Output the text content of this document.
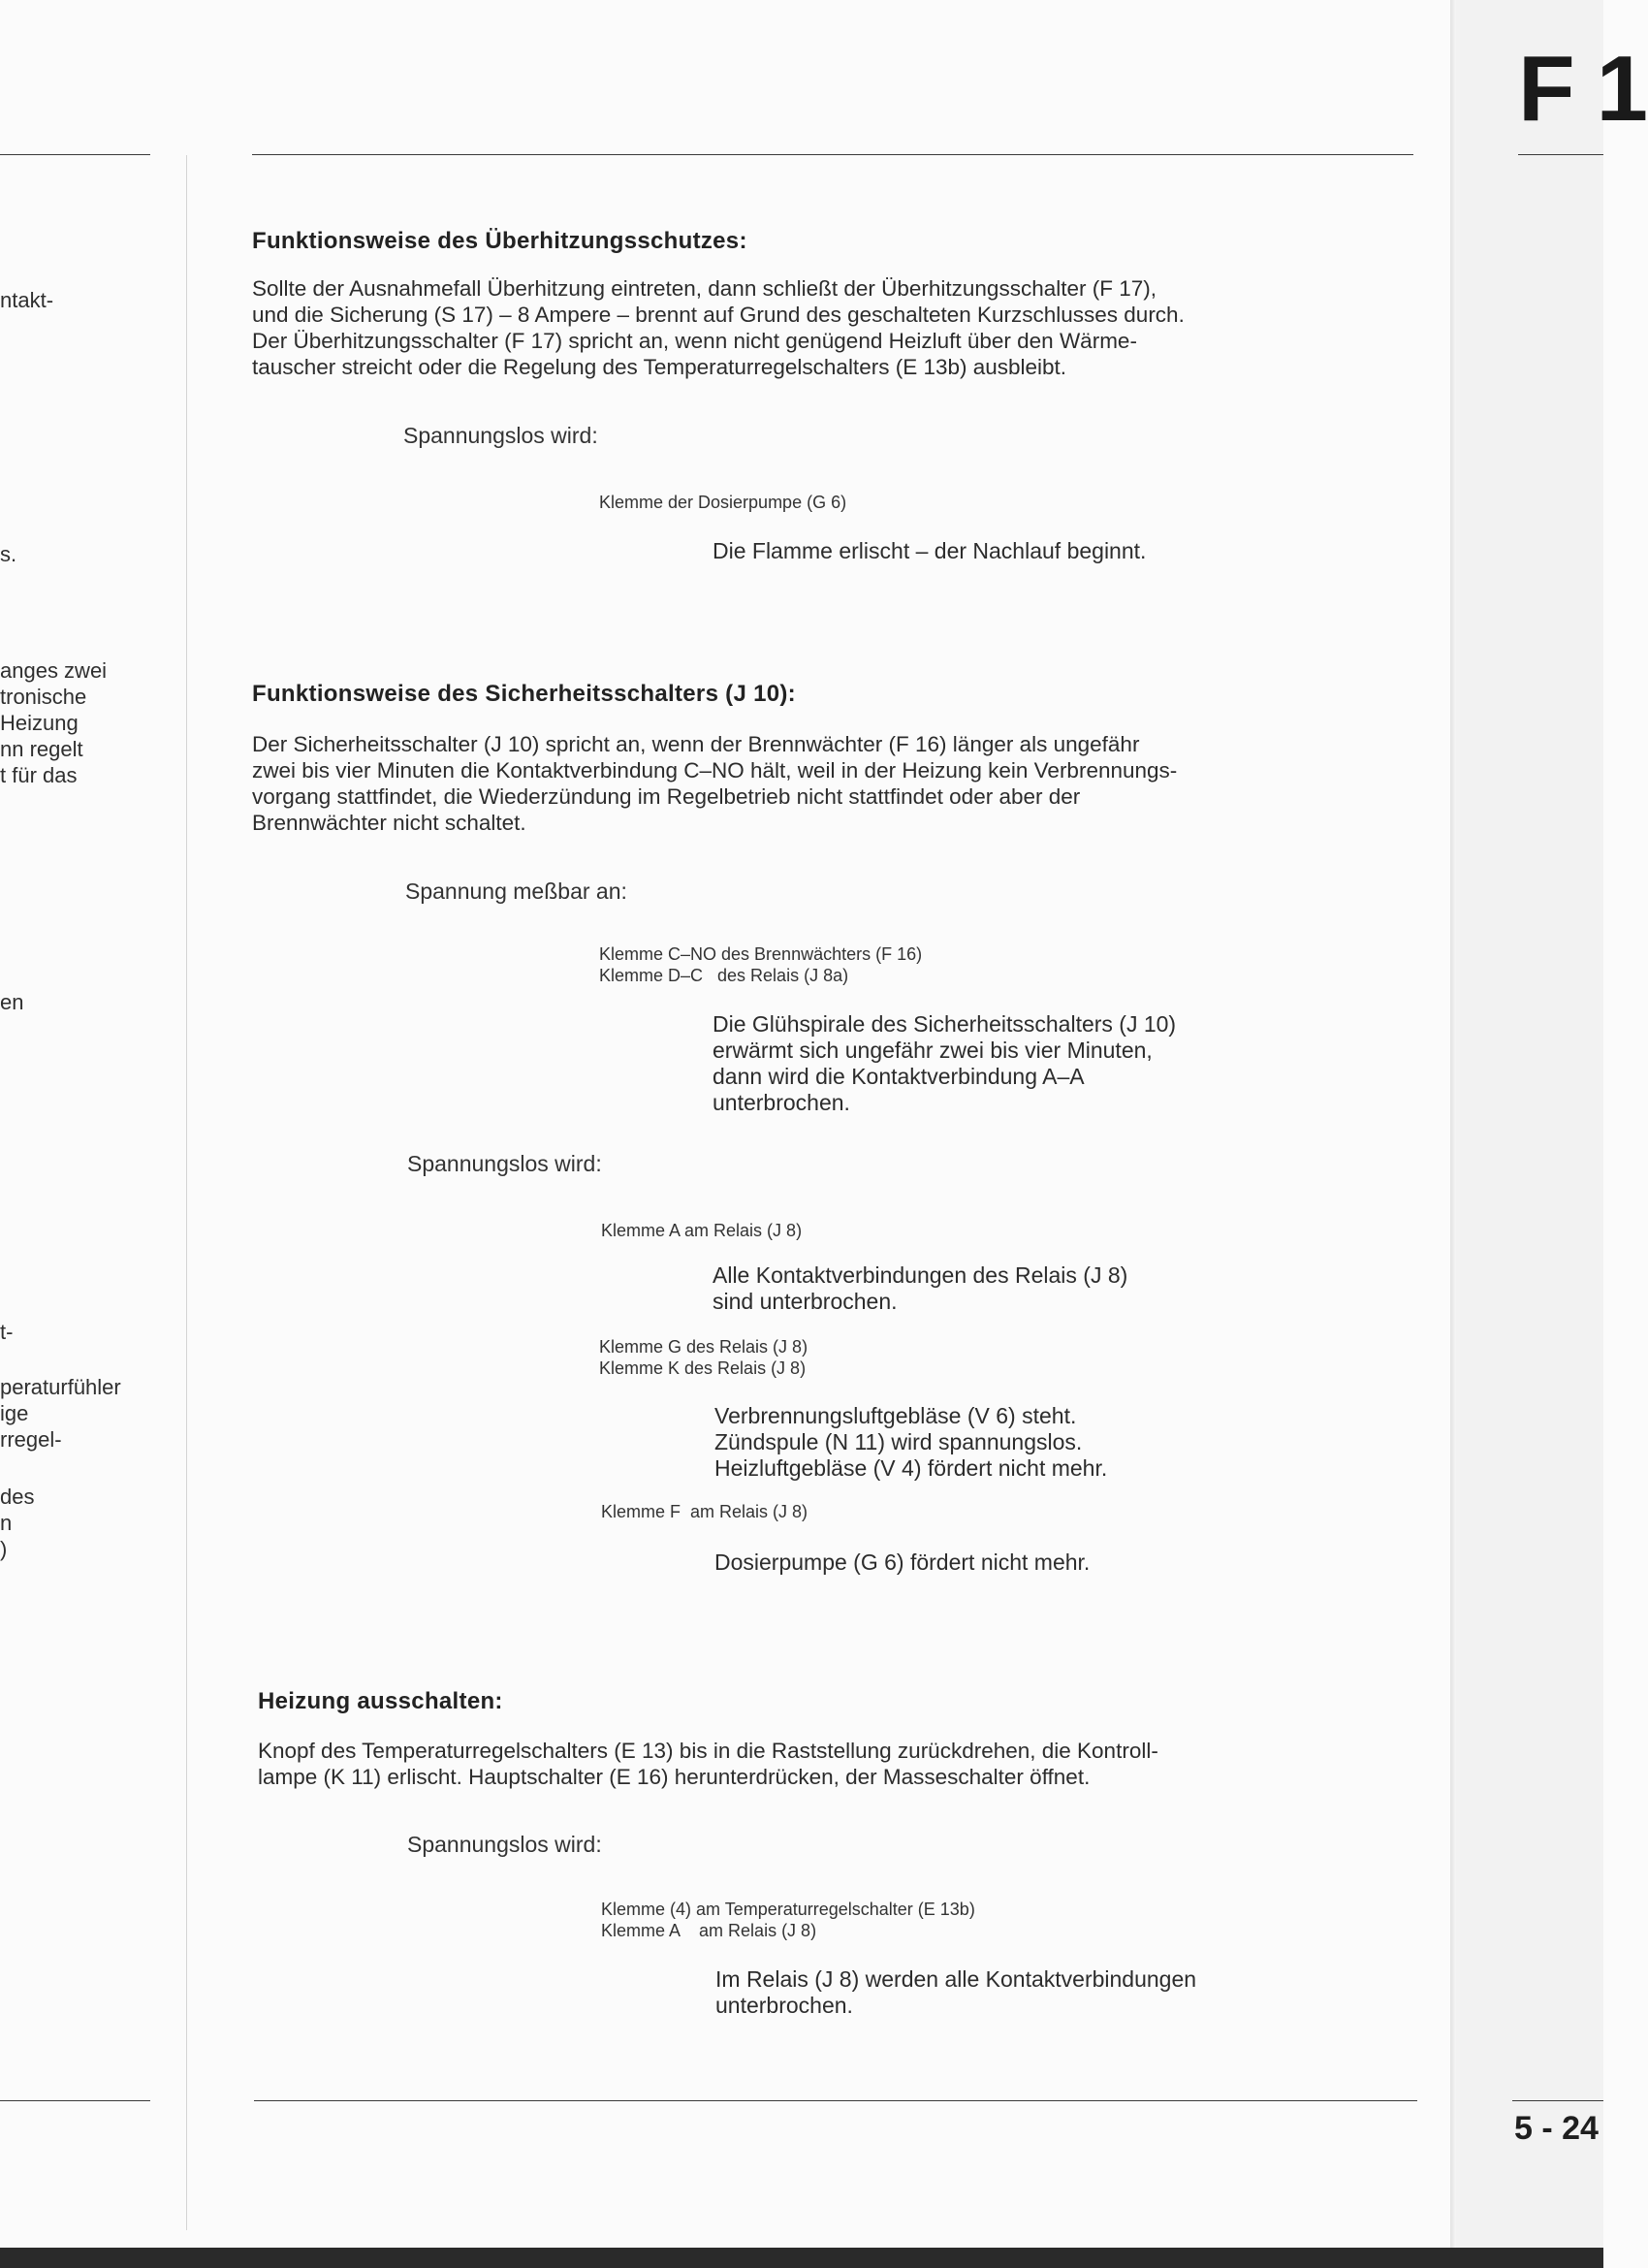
F 1
ntakt-
s.
anges zwei
tronische
Heizung
nn regelt
t für das
en
t-
peraturfühler
ige
rregel-
des
n
)
Funktionsweise des Überhitzungsschutzes:
Sollte der Ausnahmefall Überhitzung eintreten, dann schließt der Überhitzungsschalter (F 17),
und die Sicherung (S 17) – 8 Ampere – brennt auf Grund des geschalteten Kurzschlusses durch.
Der Überhitzungsschalter (F 17) spricht an, wenn nicht genügend Heizluft über den Wärme-
tauscher streicht oder die Regelung des Temperaturregelschalters (E 13b) ausbleibt.
Spannungslos wird:
Klemme der Dosierpumpe (G 6)
Die Flamme erlischt – der Nachlauf beginnt.
Funktionsweise des Sicherheitsschalters (J 10):
Der Sicherheitsschalter (J 10) spricht an, wenn der Brennwächter (F 16) länger als ungefähr
zwei bis vier Minuten die Kontaktverbindung C–NO hält, weil in der Heizung kein Verbrennungs-
vorgang stattfindet, die Wiederzündung im Regelbetrieb nicht stattfindet oder aber der
Brennwächter nicht schaltet.
Spannung meßbar an:
Klemme C–NO des Brennwächters (F 16)
Klemme D–C   des Relais (J 8a)
Die Glühspirale des Sicherheitsschalters (J 10)
erwärmt sich ungefähr zwei bis vier Minuten,
dann wird die Kontaktverbindung A–A
unterbrochen.
Spannungslos wird:
Klemme A am Relais (J 8)
Alle Kontaktverbindungen des Relais (J 8)
sind unterbrochen.
Klemme G des Relais (J 8)
Klemme K des Relais (J 8)
Verbrennungsluftgebläse (V 6) steht.
Zündspule (N 11) wird spannungslos.
Heizluftgebläse (V 4) fördert nicht mehr.
Klemme F  am Relais (J 8)
Dosierpumpe (G 6) fördert nicht mehr.
Heizung ausschalten:
Knopf des Temperaturregelschalters (E 13) bis in die Raststellung zurückdrehen, die Kontroll-
lampe (K 11) erlischt. Hauptschalter (E 16) herunterdrücken, der Masseschalter öffnet.
Spannungslos wird:
Klemme (4) am Temperaturregelschalter (E 13b)
Klemme A    am Relais (J 8)
Im Relais (J 8) werden alle Kontaktverbindungen
unterbrochen.
5 - 24
